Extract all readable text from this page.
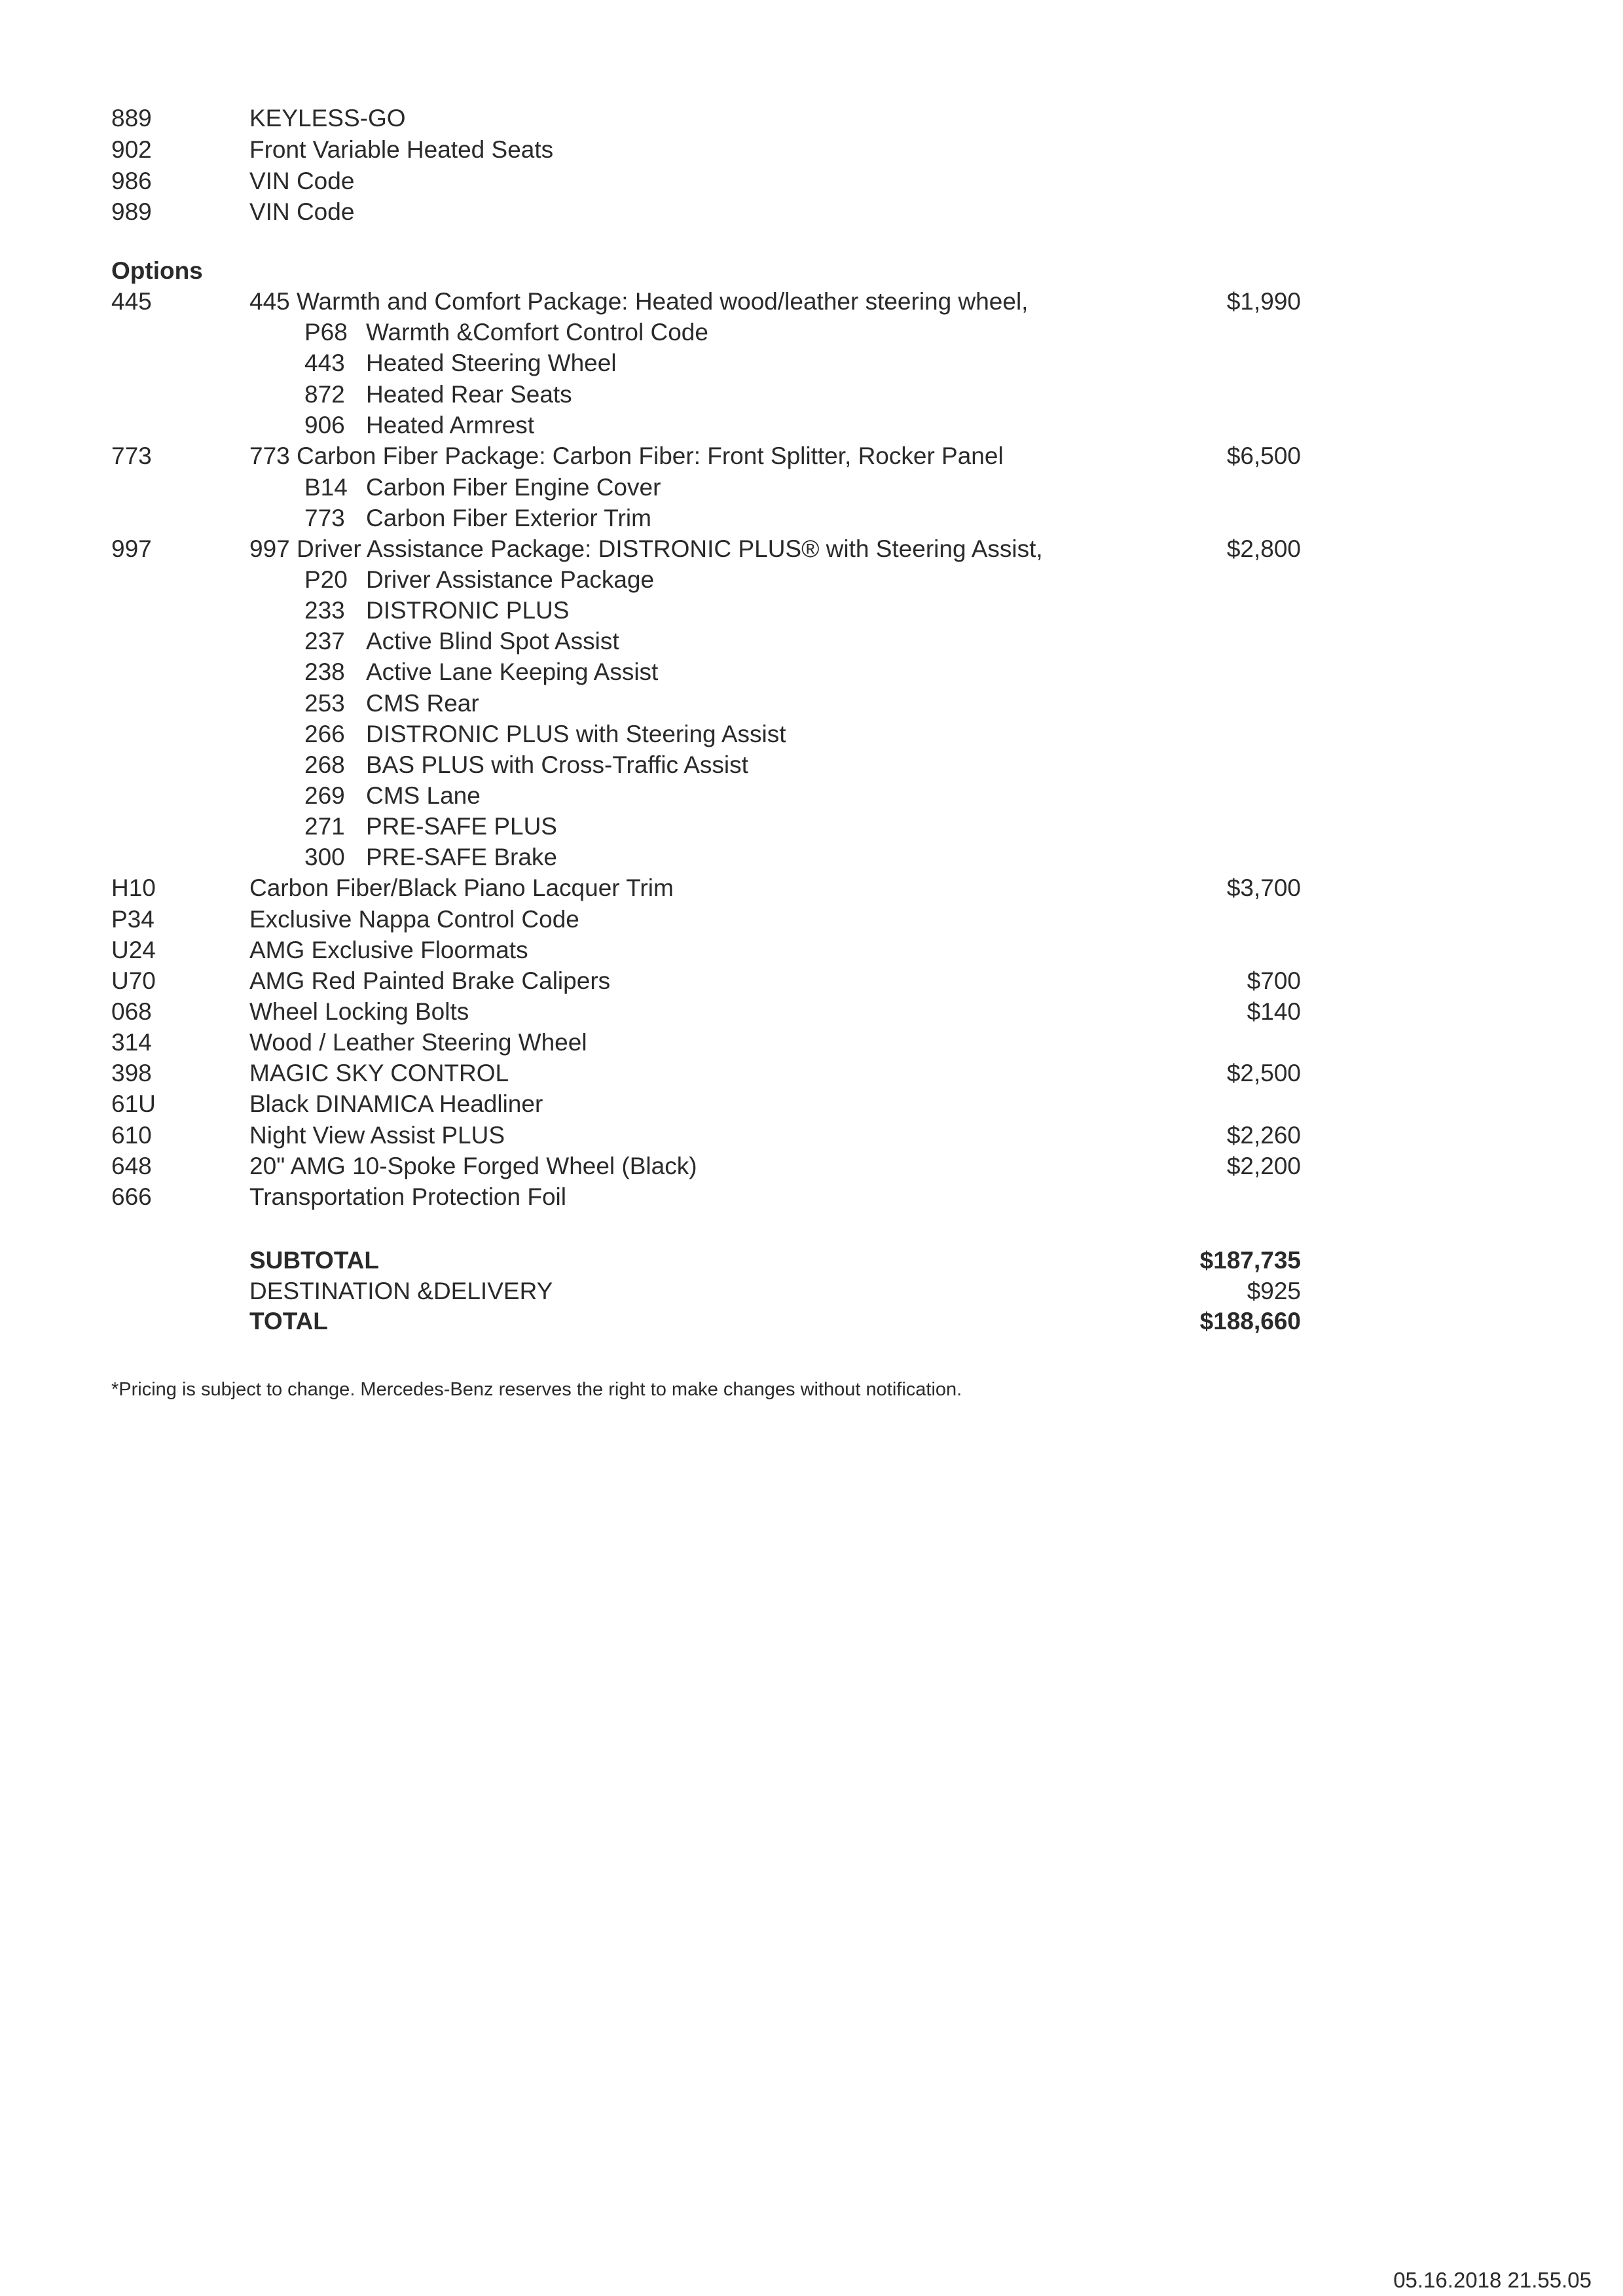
889	KEYLESS-GO
902	Front Variable Heated Seats
986	VIN Code
989	VIN Code
Options
445	445 Warmth and Comfort Package: Heated wood/leather steering wheel,	$1,990
P68 Warmth &Comfort Control Code
443 Heated Steering Wheel
872 Heated Rear Seats
906 Heated Armrest
773	773 Carbon Fiber Package: Carbon Fiber: Front Splitter, Rocker Panel	$6,500
B14 Carbon Fiber Engine Cover
773 Carbon Fiber Exterior Trim
997	997 Driver Assistance Package: DISTRONIC PLUS® with Steering Assist,	$2,800
P20 Driver Assistance Package
233 DISTRONIC PLUS
237 Active Blind Spot Assist
238 Active Lane Keeping Assist
253 CMS Rear
266 DISTRONIC PLUS with Steering Assist
268 BAS PLUS with Cross-Traffic Assist
269 CMS Lane
271 PRE-SAFE PLUS
300 PRE-SAFE Brake
H10	Carbon Fiber/Black Piano Lacquer Trim	$3,700
P34	Exclusive Nappa Control Code
U24	AMG Exclusive Floormats
U70	AMG Red Painted Brake Calipers	$700
068	Wheel Locking Bolts	$140
314	Wood / Leather Steering Wheel
398	MAGIC SKY CONTROL	$2,500
61U	Black DINAMICA Headliner
610	Night View Assist PLUS	$2,260
648	20" AMG 10-Spoke Forged Wheel (Black)	$2,200
666	Transportation Protection Foil
SUBTOTAL	$187,735
DESTINATION &DELIVERY	$925
TOTAL	$188,660
*Pricing is subject to change. Mercedes-Benz reserves the right to make changes without notification.
05.16.2018 21.55.05
